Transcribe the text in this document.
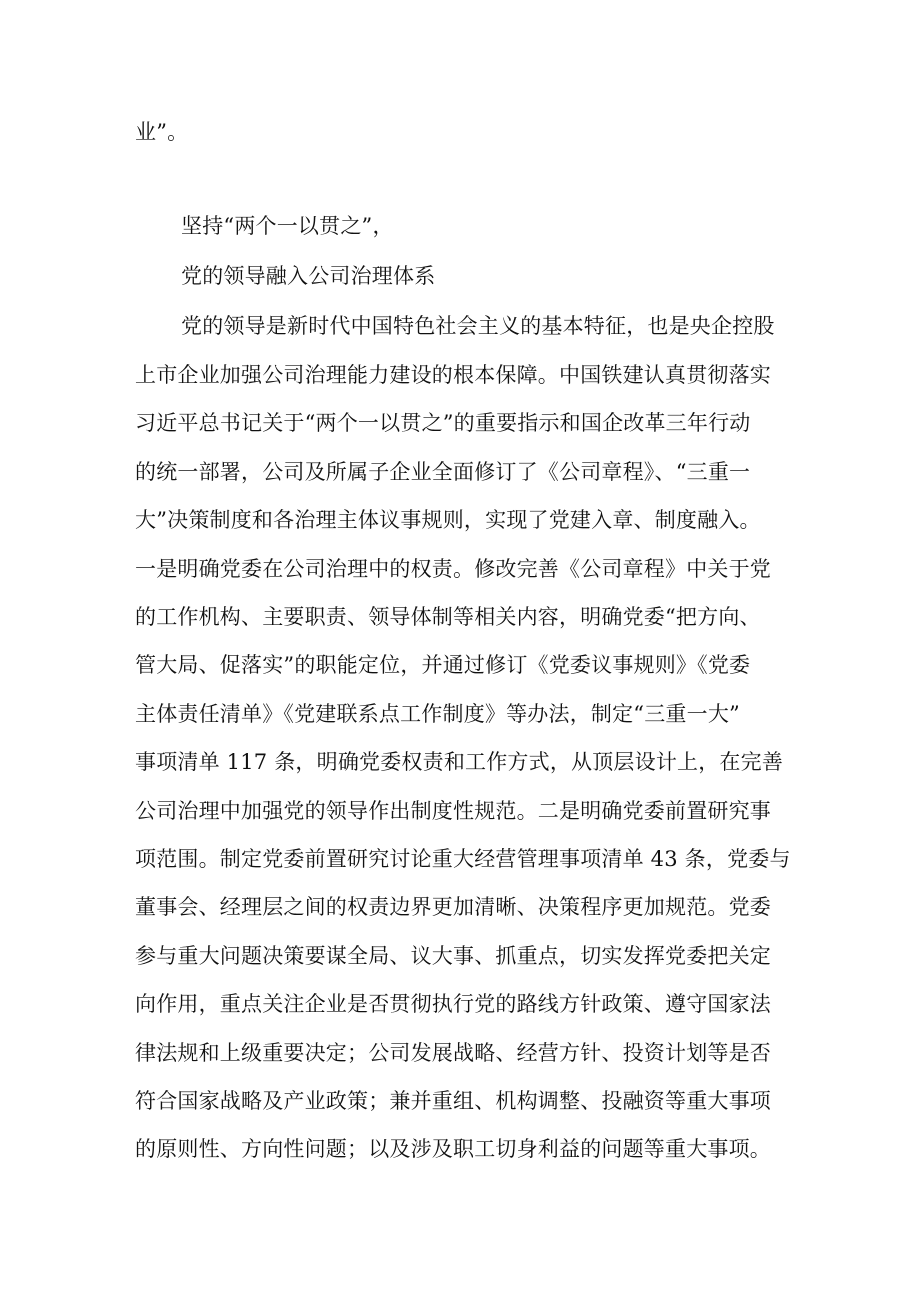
业”。
坚持“两个一以贯之”，
党的领导融入公司治理体系
党的领导是新时代中国特色社会主义的基本特征，也是央企控股
上市企业加强公司治理能力建设的根本保障。中国铁建认真贯彻落实
习近平总书记关于“两个一以贯之”的重要指示和国企改革三年行动
的统一部署，公司及所属子企业全面修订了《公司章程》、“三重一
大”决策制度和各治理主体议事规则，实现了党建入章、制度融入。
一是明确党委在公司治理中的权责。修改完善《公司章程》中关于党
的工作机构、主要职责、领导体制等相关内容，明确党委“把方向、
管大局、促落实”的职能定位，并通过修订《党委议事规则》《党委
主体责任清单》《党建联系点工作制度》等办法，制定“三重一大”
事项清单 117 条，明确党委权责和工作方式，从顶层设计上，在完善
公司治理中加强党的领导作出制度性规范。二是明确党委前置研究事
项范围。制定党委前置研究讨论重大经营管理事项清单 43 条，党委与
董事会、经理层之间的权责边界更加清晰、决策程序更加规范。党委
参与重大问题决策要谋全局、议大事、抓重点，切实发挥党委把关定
向作用，重点关注企业是否贯彻执行党的路线方针政策、遵守国家法
律法规和上级重要决定；公司发展战略、经营方针、投资计划等是否
符合国家战略及产业政策；兼并重组、机构调整、投融资等重大事项
的原则性、方向性问题；以及涉及职工切身利益的问题等重大事项。
